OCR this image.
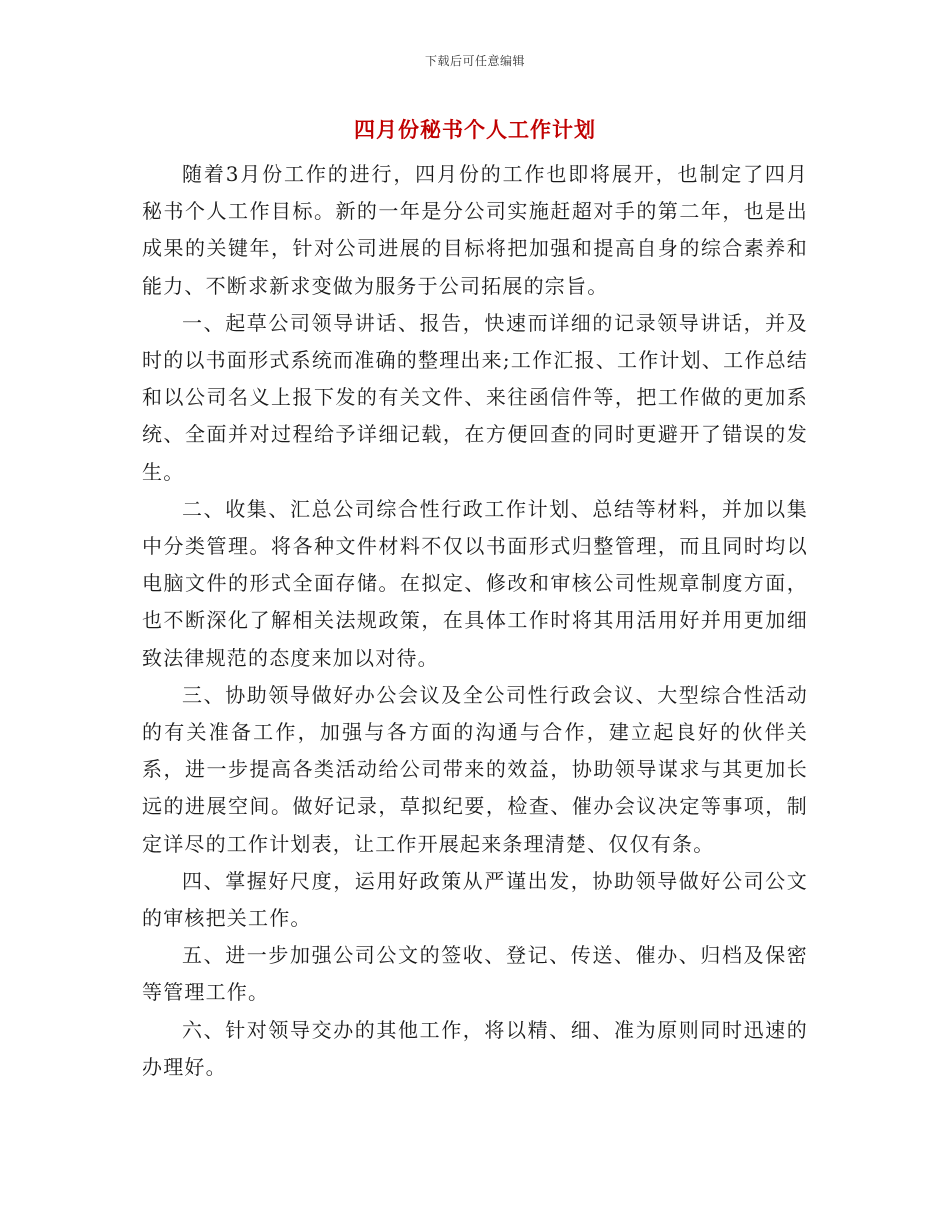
下载后可任意编辑
四月份秘书个人工作计划

随着3月份工作的进行，四月份的工作也即将展开，也制定了四月秘书个人工作目标。新的一年是分公司实施赶超对手的第二年，也是出成果的关键年，针对公司进展的目标将把加强和提高自身的综合素养和能力、不断求新求变做为服务于公司拓展的宗旨。

一、起草公司领导讲话、报告，快速而详细的记录领导讲话，并及时的以书面形式系统而准确的整理出来;工作汇报、工作计划、工作总结和以公司名义上报下发的有关文件、来往函信件等，把工作做的更加系统、全面并对过程给予详细记载，在方便回查的同时更避开了错误的发生。

二、收集、汇总公司综合性行政工作计划、总结等材料，并加以集中分类管理。将各种文件材料不仅以书面形式归整管理，而且同时均以电脑文件的形式全面存储。在拟定、修改和审核公司性规章制度方面，也不断深化了解相关法规政策，在具体工作时将其用活用好并用更加细致法律规范的态度来加以对待。

三、协助领导做好办公会议及全公司性行政会议、大型综合性活动的有关准备工作，加强与各方面的沟通与合作，建立起良好的伙伴关系，进一步提高各类活动给公司带来的效益，协助领导谋求与其更加长远的进展空间。做好记录，草拟纪要，检查、催办会议决定等事项，制定详尽的工作计划表，让工作开展起来条理清楚、仅仅有条。

四、掌握好尺度，运用好政策从严谨出发，协助领导做好公司公文的审核把关工作。

五、进一步加强公司公文的签收、登记、传送、催办、归档及保密等管理工作。

六、针对领导交办的其他工作，将以精、细、准为原则同时迅速的办理好。
